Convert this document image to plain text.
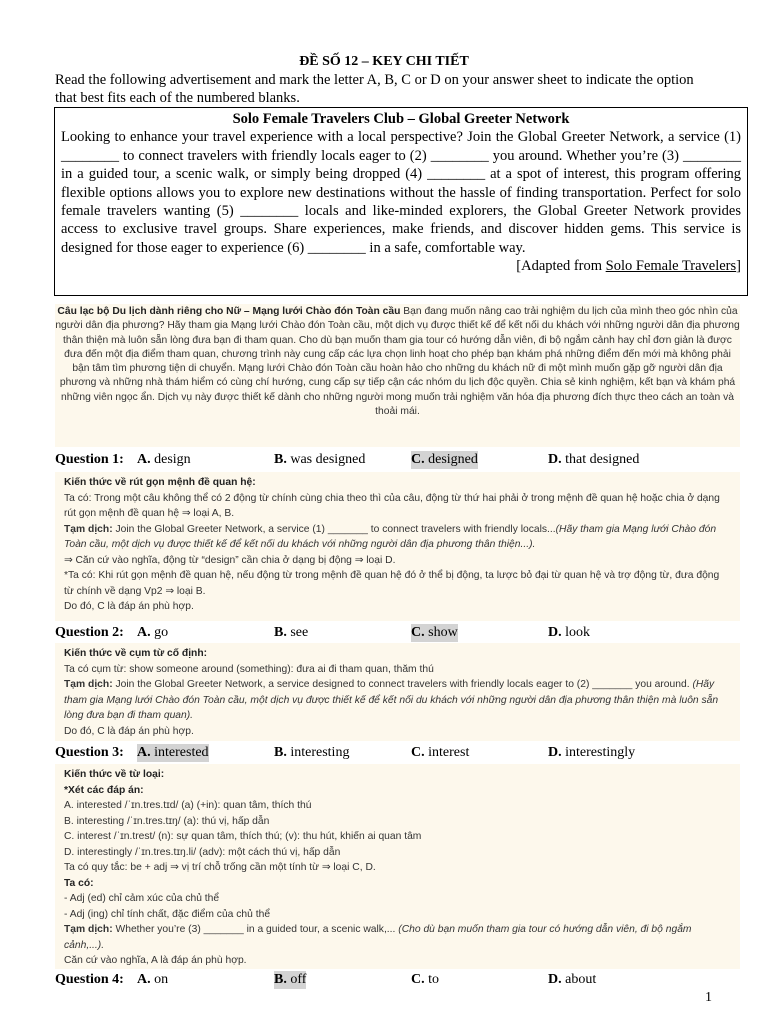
ĐỀ SỐ 12 – KEY CHI TIẾT
Read the following advertisement and mark the letter A, B, C or D on your answer sheet to indicate the option that best fits each of the numbered blanks.
Solo Female Travelers Club – Global Greeter Network
Looking to enhance your travel experience with a local perspective? Join the Global Greeter Network, a service (1) ________ to connect travelers with friendly locals eager to (2) ________ you around. Whether you’re (3) ________ in a guided tour, a scenic walk, or simply being dropped (4) ________ at a spot of interest, this program offering flexible options allows you to explore new destinations without the hassle of finding transportation. Perfect for solo female travelers wanting (5) ________ locals and like-minded explorers, the Global Greeter Network provides access to exclusive travel groups. Share experiences, make friends, and discover hidden gems. This service is designed for those eager to experience (6) ________ in a safe, comfortable way.
[Adapted from Solo Female Travelers]
Câu lạc bộ Du lịch dành riêng cho Nữ – Mạng lưới Chào đón Toàn cầu Bạn đang muốn nâng cao trải nghiệm du lịch của mình theo góc nhìn của người dân địa phương? Hãy tham gia Mạng lưới Chào đón Toàn cầu, một dịch vụ được thiết kế để kết nối du khách với những người dân địa phương thân thiện mà luôn sẵn lòng đưa bạn đi tham quan. Cho dù bạn muốn tham gia tour có hướng dẫn viên, đi bộ ngắm cảnh hay chỉ đơn giản là được đưa đến một địa điểm tham quan, chương trình này cung cấp các lựa chọn linh hoạt cho phép bạn khám phá những điểm đến mới mà không phải bận tâm tìm phương tiện di chuyển. Mạng lưới Chào đón Toàn cầu hoàn hảo cho những du khách nữ đi một mình muốn gặp gỡ người dân địa phương và những nhà thám hiểm có cùng chí hướng, cung cấp sự tiếp cận các nhóm du lịch độc quyền. Chia sẻ kinh nghiệm, kết bạn và khám phá những viên ngọc ẩn. Dịch vụ này được thiết kế dành cho những người mong muốn trải nghiệm văn hóa địa phương đích thực theo cách an toàn và thoải mái.
Question 1: A. design	B. was designed	C. designed	D. that designed
Kiến thức về rút gọn mệnh đề quan hệ:
Ta có: Trong một câu không thể có 2 động từ chính cùng chia theo thì của câu, động từ thứ hai phải ở trong mệnh đề quan hệ hoặc chia ở dạng rút gọn mệnh đề quan hệ ⇒ loại A, B.
Tạm dịch: Join the Global Greeter Network, a service (1) _______ to connect travelers with friendly locals...(Hãy tham gia Mạng lưới Chào đón Toàn cầu, một dịch vụ được thiết kế để kết nối du khách với những người dân địa phương thân thiện...).
⇒ Căn cứ vào nghĩa, động từ “design” cần chia ở dạng bị động ⇒ loại D.
*Ta có: Khi rút gọn mệnh đề quan hệ, nếu động từ trong mệnh đề quan hệ đó ở thể bị động, ta lược bỏ đại từ quan hệ và trợ động từ, đưa động từ chính về dạng Vp2 ⇒ loại B.
Do đó, C là đáp án phù hợp.
Question 2: A. go	B. see	C. show	D. look
Kiến thức về cụm từ cố định:
Ta có cụm từ: show someone around (something): đưa ai đi tham quan, thăm thú
Tạm dịch: Join the Global Greeter Network, a service designed to connect travelers with friendly locals eager to (2) _______ you around. (Hãy tham gia Mạng lưới Chào đón Toàn cầu, một dịch vụ được thiết kế để kết nối du khách với những người dân địa phương thân thiện mà luôn sẵn lòng đưa bạn đi tham quan).
Do đó, C là đáp án phù hợp.
Question 3: A. interested	B. interesting	C. interest	D. interestingly
Kiến thức về từ loại:
*Xét các đáp án:
A. interested /ˈɪn.tres.tɪd/ (a) (+in): quan tâm, thích thú
B. interesting /ˈɪn.tres.tɪŋ/ (a): thú vị, hấp dẫn
C. interest /ˈɪn.trest/ (n): sự quan tâm, thích thú; (v): thu hút, khiến ai quan tâm
D. interestingly /ˈɪn.tres.tɪŋ.li/ (adv): một cách thú vị, hấp dẫn
Ta có quy tắc: be + adj ⇒ vị trí chỗ trống cần một tính từ ⇒ loại C, D.
Ta có:
- Adj (ed) chỉ cảm xúc của chủ thể
- Adj (ing) chỉ tính chất, đặc điểm của chủ thể
Tạm dịch: Whether you’re (3) _______ in a guided tour, a scenic walk,... (Cho dù bạn muốn tham gia tour có hướng dẫn viên, đi bộ ngắm cảnh,...).
Căn cứ vào nghĩa, A là đáp án phù hợp.
Question 4: A. on	B. off	C. to	D. about
1
